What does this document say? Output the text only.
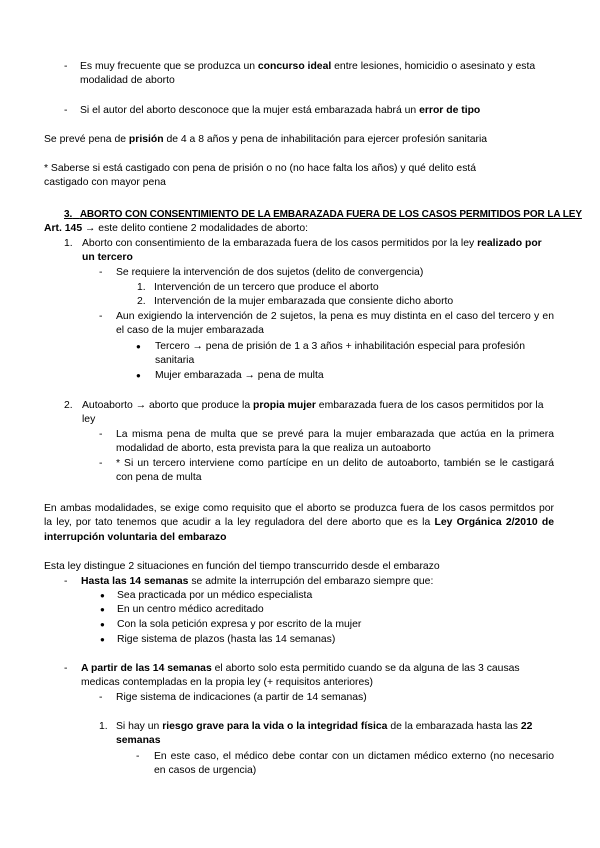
- Es muy frecuente que se produzca un concurso ideal entre lesiones, homicidio o asesinato y esta modalidad de aborto
- Si el autor del aborto desconoce que la mujer está embarazada habrá un error de tipo
Se prevé pena de prisión de 4 a 8 años y pena de inhabilitación para ejercer profesión sanitaria
* Saberse si está castigado con pena de prisión o no (no hace falta los años) y qué delito está castigado con mayor pena
3. ABORTO CON CONSENTIMIENTO DE LA EMBARAZADA FUERA DE LOS CASOS PERMITIDOS POR LA LEY
Art. 145 → este delito contiene 2 modalidades de aborto:
1. Aborto con consentimiento de la embarazada fuera de los casos permitidos por la ley realizado por un tercero
- Se requiere la intervención de dos sujetos (delito de convergencia)
1. Intervención de un tercero que produce el aborto
2. Intervención de la mujer embarazada que consiente dicho aborto
- Aun exigiendo la intervención de 2 sujetos, la pena es muy distinta en el caso del tercero y en el caso de la mujer embarazada
● Tercero → pena de prisión de 1 a 3 años + inhabilitación especial para profesión sanitaria
● Mujer embarazada → pena de multa
2. Autoaborto → aborto que produce la propia mujer embarazada fuera de los casos permitidos por la ley
- La misma pena de multa que se prevé para la mujer embarazada que actúa en la primera modalidad de aborto, esta prevista para la que realiza un autoaborto
- * Si un tercero interviene como partícipe en un delito de autoaborto, también se le castigará con pena de multa
En ambas modalidades, se exige como requisito que el aborto se produzca fuera de los casos permitdos por la ley, por tato tenemos que acudir a la ley reguladora del dere aborto que es la Ley Orgánica 2/2010 de interrupción voluntaria del embarazo
Esta ley distingue 2 situaciones en función del tiempo transcurrido desde el embarazo
- Hasta las 14 semanas se admite la interrupción del embarazo siempre que:
● Sea practicada por un médico especialista
● En un centro médico acreditado
● Con la sola petición expresa y por escrito de la mujer
● Rige sistema de plazos (hasta las 14 semanas)
- A partir de las 14 semanas el aborto solo esta permitido cuando se da alguna de las 3 causas medicas contempladas en la propia ley (+ requisitos anteriores)
- Rige sistema de indicaciones (a partir de 14 semanas)
1. Si hay un riesgo grave para la vida o la integridad física de la embarazada hasta las 22 semanas
- En este caso, el médico debe contar con un dictamen médico externo (no necesario en casos de urgencia)
